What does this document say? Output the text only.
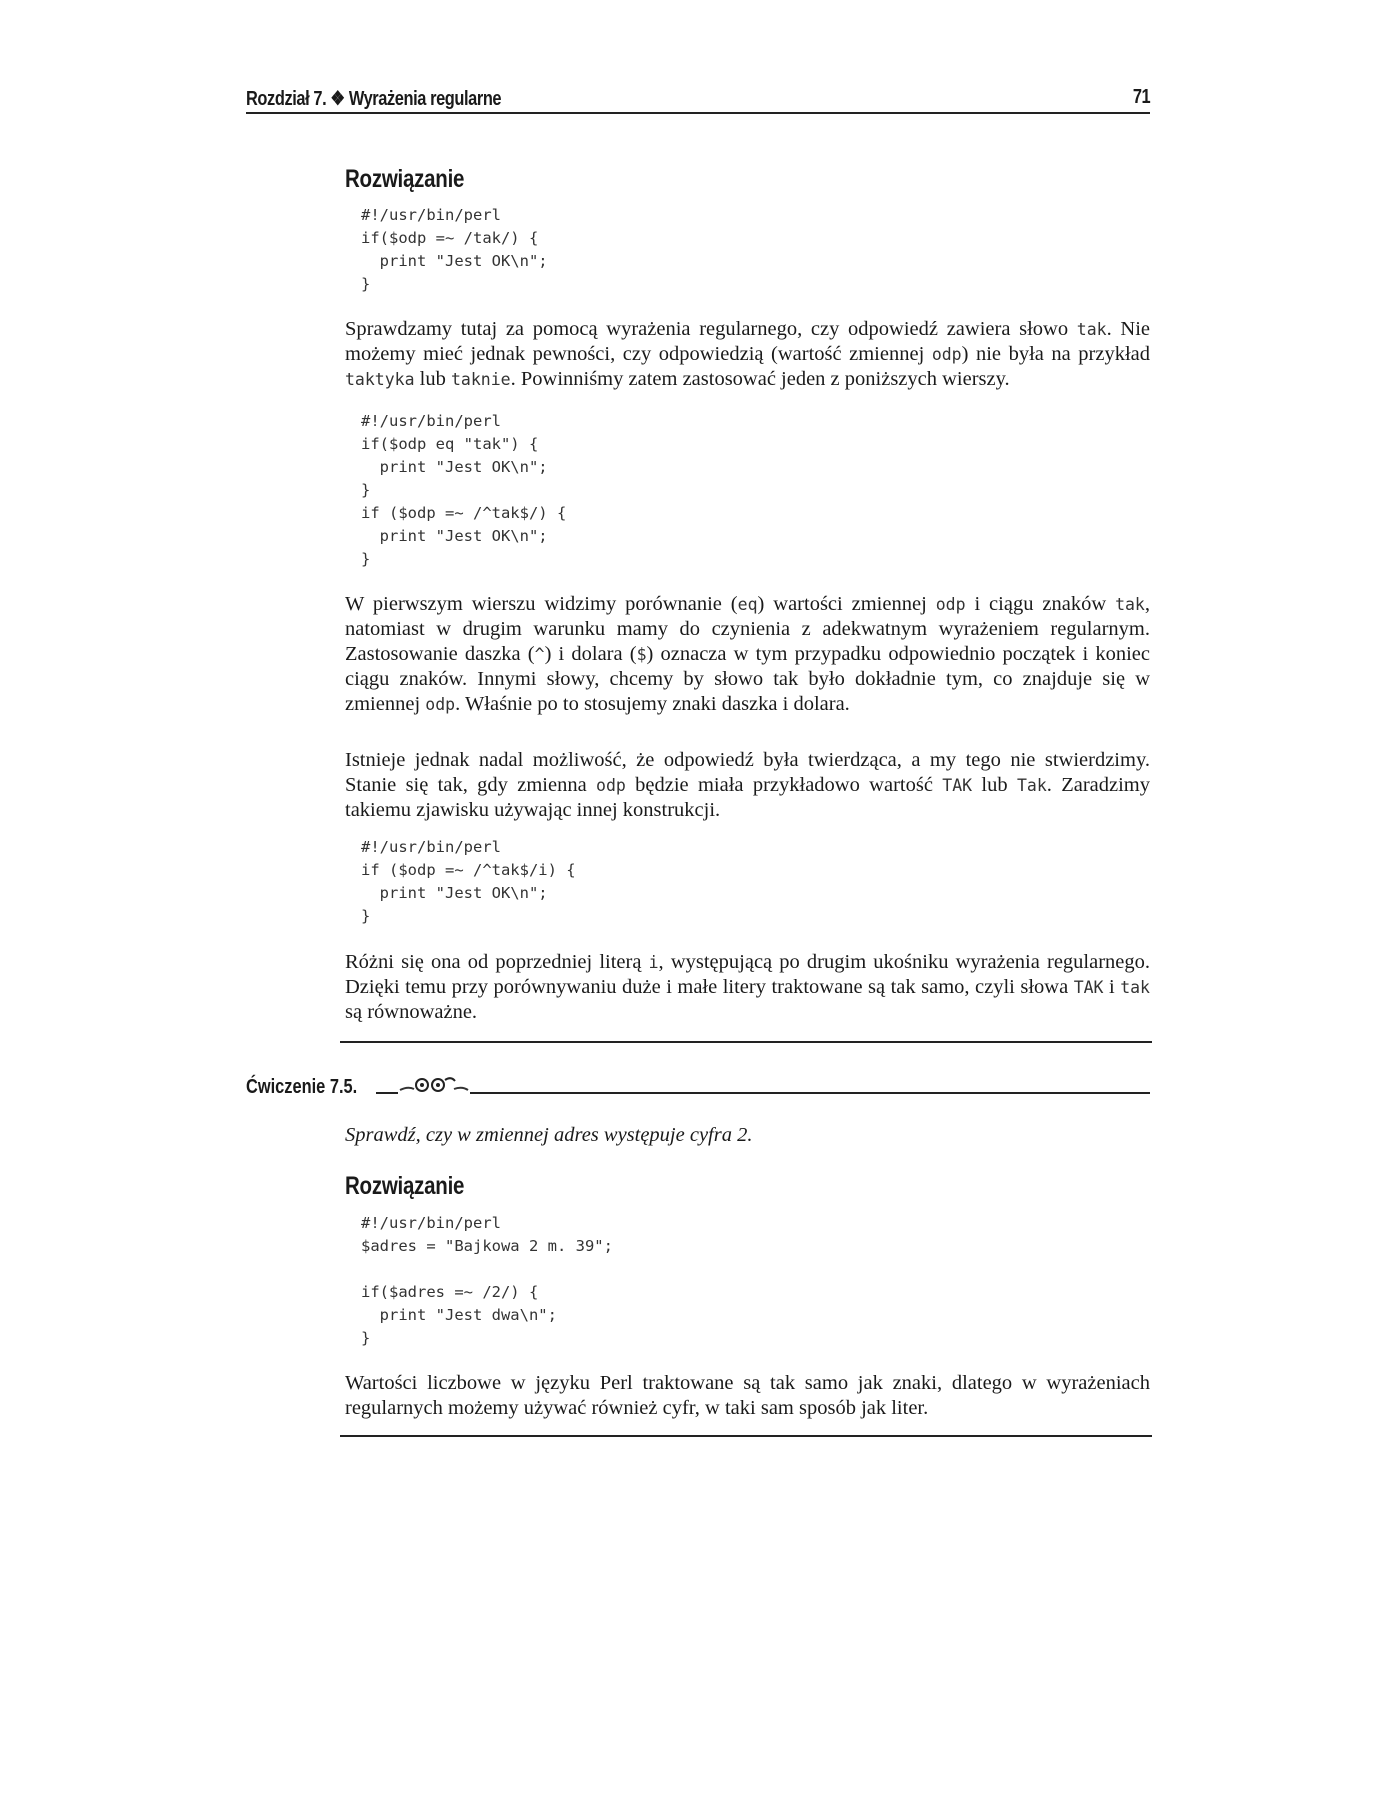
Rozdział 7. ❖ Wyrażenia regularne	71
Rozwiązanie
#!/usr/bin/perl
if($odp =~ /tak/) {
print "Jest OK\n";
}

Sprawdzamy tutaj za pomocą wyrażenia regularnego, czy odpowiedź zawiera słowo tak. Nie możemy mieć jednak pewności, czy odpowiedzią (wartość zmiennej odp) nie była na przykład taktyka lub taknie. Powinniśmy zatem zastosować jeden z poniższych wierszy.

#!/usr/bin/perl
if($odp eq "tak") {
print "Jest OK\n";
}
if ($odp =~ /^tak$/) {
print "Jest OK\n";
}

W pierwszym wierszu widzimy porównanie (eq) wartości zmiennej odp i ciągu znaków tak, natomiast w drugim warunku mamy do czynienia z adekwatnym wyrażeniem regularnym. Zastosowanie daszka (^) i dolara ($) oznacza w tym przypadku odpowiednio początek i koniec ciągu znaków. Innymi słowy, chcemy by słowo tak było dokładnie tym, co znajduje się w zmiennej odp. Właśnie po to stosujemy znaki daszka i dolara.

Istnieje jednak nadal możliwość, że odpowiedź była twierdząca, a my tego nie stwierdzimy. Stanie się tak, gdy zmienna odp będzie miała przykładowo wartość TAK lub Tak. Zaradzimy takiemu zjawisku używając innej konstrukcji.

#!/usr/bin/perl
if ($odp =~ /^tak$/i) {
print "Jest OK\n";
}

Różni się ona od poprzedniej literą i, występującą po drugim ukośniku wyrażenia regularnego. Dzięki temu przy porównywaniu duże i małe litery traktowane są tak samo, czyli słowa TAK i tak są równoważne.

Ćwiczenie 7.5.

Sprawdź, czy w zmiennej adres występuje cyfra 2.

Rozwiązanie
#!/usr/bin/perl
$adres = "Bajkowa 2 m. 39";

if($adres =~ /2/) {
print "Jest dwa\n";
}

Wartości liczbowe w języku Perl traktowane są tak samo jak znaki, dlatego w wyrażeniach regularnych możemy używać również cyfr, w taki sam sposób jak liter.
